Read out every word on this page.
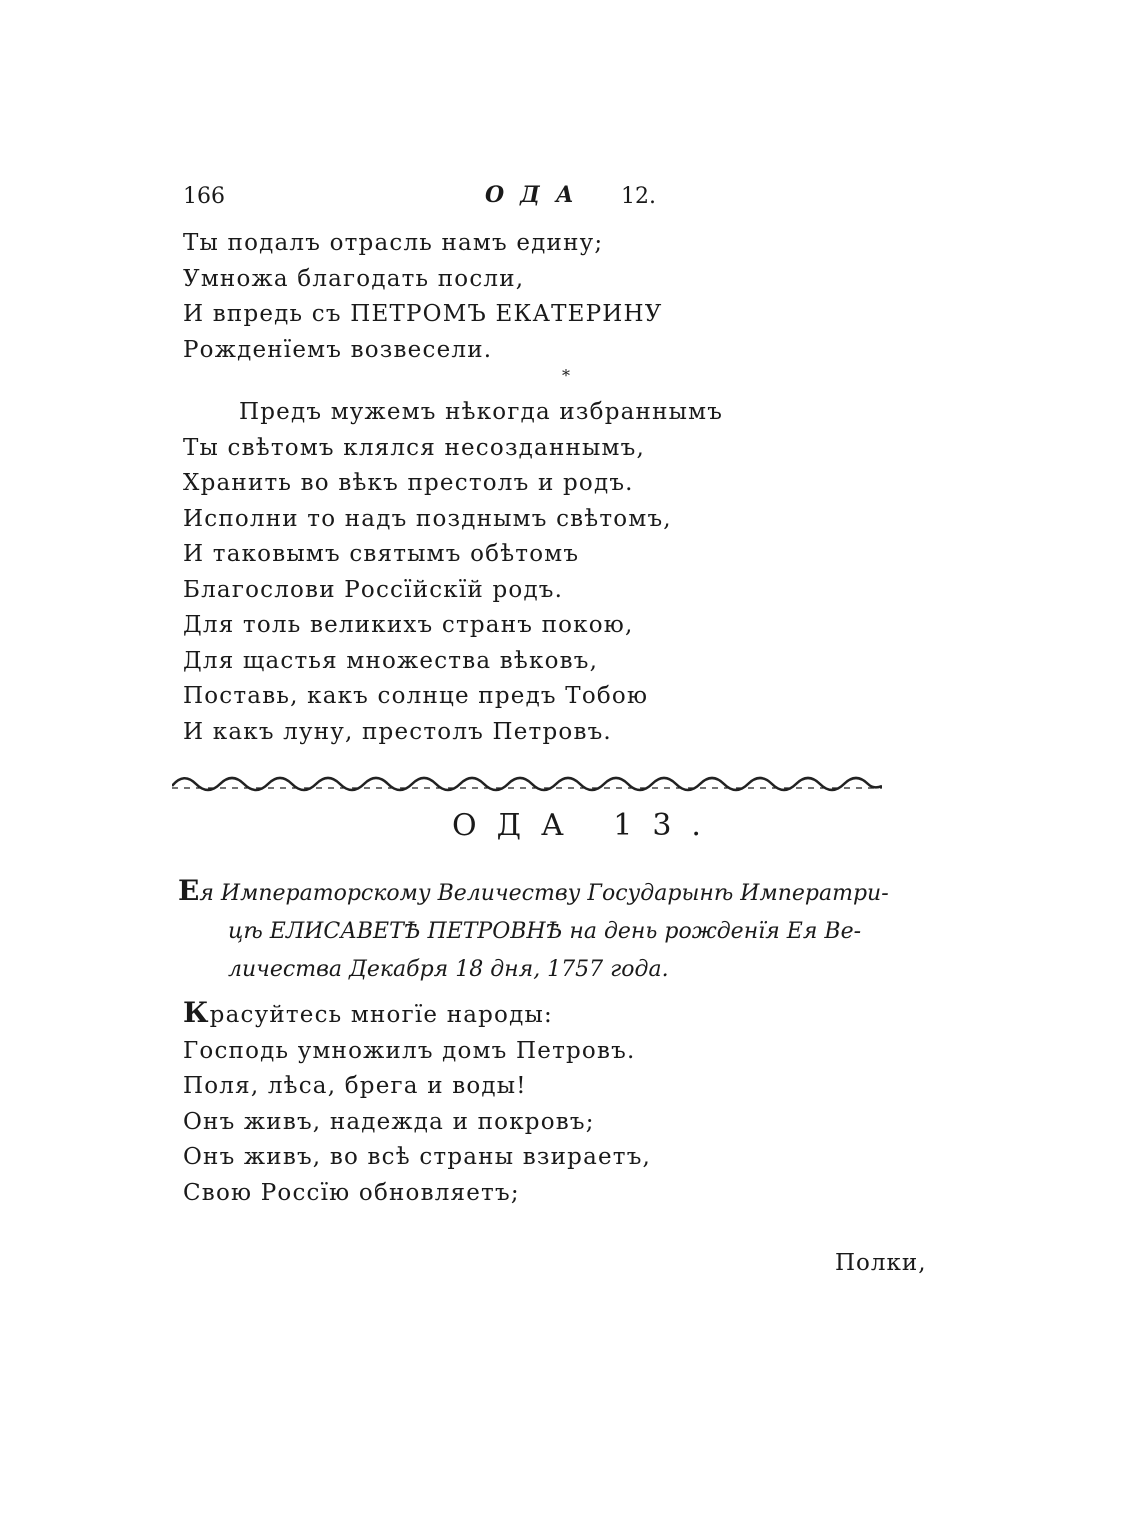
166	ОДА 12.
Ты подалъ отрасль намъ едину;
Умножа благодать посли,
И впредь съ ПЕТРОМЪ ЕКАТЕРИНУ
Рожденїемъ возвесели.
*
Предъ мужемъ нѣкогда избраннымъ
Ты свѣтомъ клялся несозданнымъ,
Хранить во вѣкъ престолъ и родъ.
Исполни то надъ позднымъ свѣтомъ,
И таковымъ святымъ обѣтомъ
Благослови Россїйскїй родъ.
Для толь великихъ странъ покою,
Для щастья множества вѣковъ,
Поставь, какъ солнце предъ Тобою
И какъ луну, престолъ Петровъ.
ОДА 13.
Ея Императорскому Величеству Государынѣ Императри-
цѣ ЕЛИСАВЕТѢ ПЕТРОВНѢ на день рожденїя Ея Ве-
личества Декабря 18 дня, 1757 года.
Красуйтесь многїе народы:
Господь умножилъ домъ Петровъ.
Поля, лѣса, брега и воды!
Онъ живъ, надежда и покровъ;
Онъ живъ, во всѣ страны взираетъ,
Свою Россїю обновляетъ;
Полки,
